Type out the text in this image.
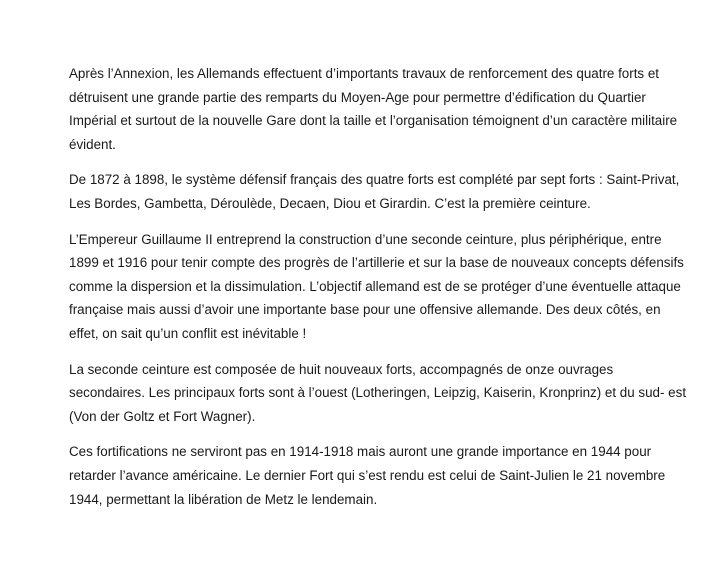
Après l’Annexion, les Allemands effectuent d’importants travaux de renforcement des quatre forts et détruisent une grande partie des remparts du Moyen-Age pour permettre d’édification du Quartier Impérial et surtout de la nouvelle Gare dont la taille et l’organisation témoignent d’un caractère militaire évident.

De 1872 à 1898, le système défensif français des quatre forts est complété par sept forts : Saint-Privat, Les Bordes, Gambetta, Déroulède, Decaen, Diou et Girardin. C’est la première ceinture.

L’Empereur Guillaume II entreprend la construction d’une seconde ceinture, plus périphérique, entre 1899 et 1916 pour tenir compte des progrès de l’artillerie et sur la base de nouveaux concepts défensifs comme la dispersion et la dissimulation. L’objectif allemand est de se protéger d’une éventuelle attaque française mais aussi d’avoir une importante base pour une offensive allemande. Des deux côtés, en effet, on sait qu’un conflit est inévitable !

La seconde ceinture est composée de huit nouveaux forts, accompagnés de onze ouvrages secondaires. Les principaux forts sont à l’ouest (Lotheringen, Leipzig, Kaiserin, Kronprinz) et du sud- est (Von der Goltz et Fort Wagner).

Ces fortifications ne serviront pas en 1914-1918 mais auront une grande importance en 1944 pour retarder l’avance américaine. Le dernier Fort qui s’est rendu est celui de Saint-Julien le 21 novembre 1944, permettant la libération de Metz le lendemain.
